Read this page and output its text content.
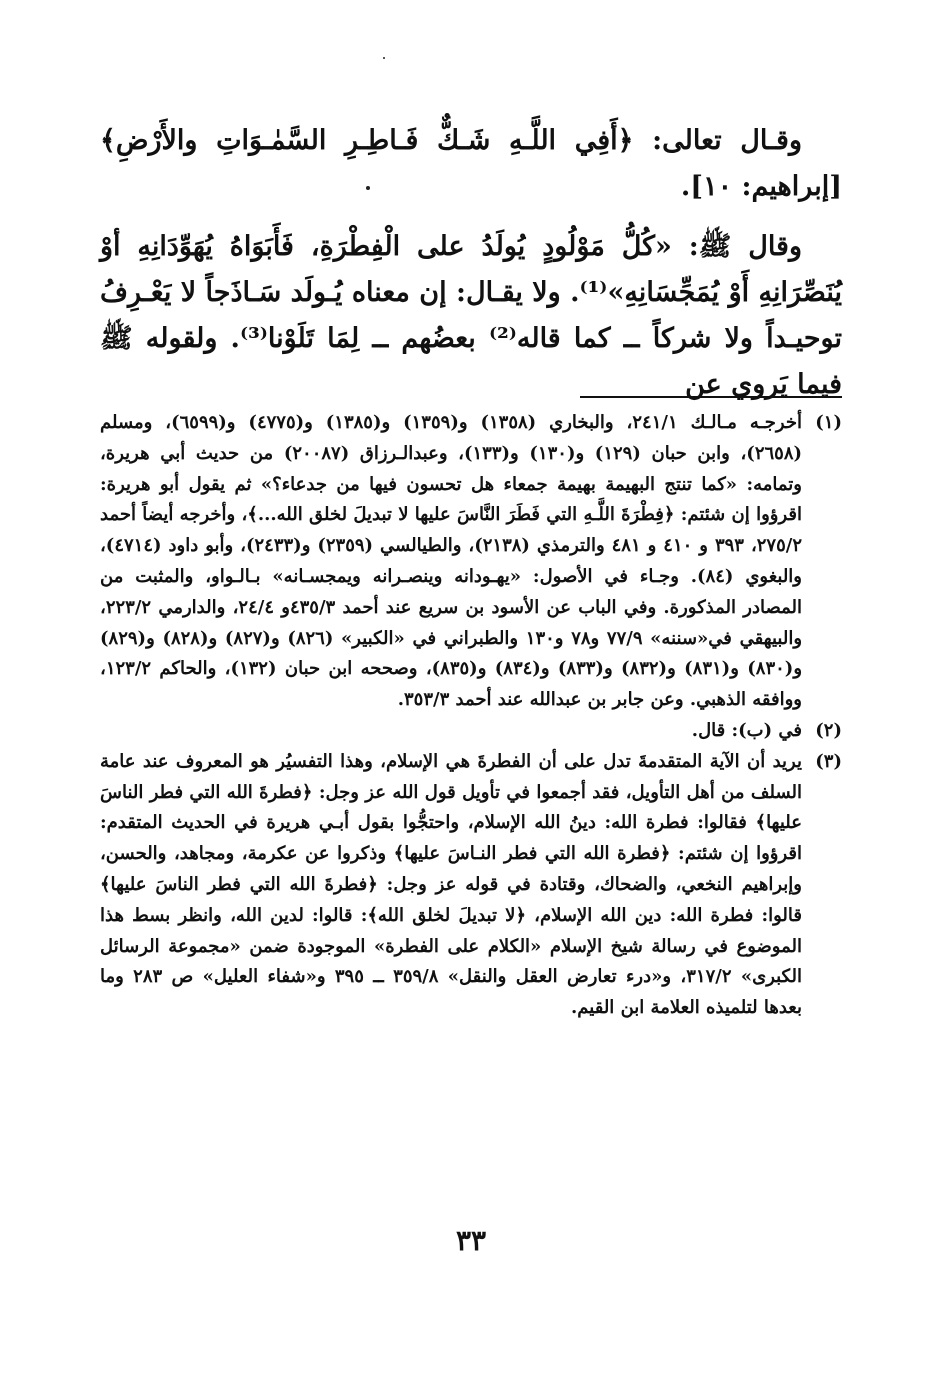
وقـال تعالى: ﴿أَفِي اللَّـهِ شَـكٌّ فَـاطِـرِ السَّمٰـوَاتِ والأَرْضِ﴾ [إبراهيم: ١٠].

وقال ﷺ: «كُلُّ مَوْلُودٍ يُولَدُ على الْفِطْرَةِ، فَأَبَوَاهُ يُهَوِّدَانِهِ أوْ يُنَصِّرَانِهِ أَوْ يُمَجِّسَانِهِ»⁽¹⁾. ولا يقـال: إن معناه يُـولَد سَـاذَجاً لا يَعْـرِفُ توحيـداً ولا شركاً ــ كما قاله⁽²⁾ بعضُهم ــ لِمَا تَلَوْنا⁽³⁾. ولقوله ﷺ فيما يَروي عن

(١)
أخرجـه مـالـك ٢٤١/١، والبخاري (١٣٥٨) و(١٣٥٩) و(١٣٨٥) و(٤٧٧٥) و(٦٥٩٩)، ومسلم (٢٦٥٨)، وابن حبان (١٢٩) و(١٣٠) و(١٣٣)، وعبدالـرزاق (٢٠٠٨٧) من حديث أبي هريرة، وتمامه: «كما تنتج البهيمة بهيمة جمعاء هل تحسون فيها من جدعاء؟» ثم يقول أبو هريرة: اقرؤوا إن شئتم: ﴿فِطْرَةَ اللَّـهِ التي فَطَرَ النَّاسَ عليها لا تبديلَ لخلق الله...﴾، وأخرجه أيضاً أحمد ٢٧٥/٢، ٣٩٣ و ٤١٠ و ٤٨١ والترمذي (٢١٣٨)، والطيالسي (٢٣٥٩) و(٢٤٣٣)، وأبو داود (٤٧١٤)، والبغوي (٨٤). وجـاء في الأصول: «يهـودانه وينصـرانه ويمجسـانه» بـالـواو، والمثبت من المصادر المذكورة. وفي الباب عن الأسود بن سريع عند أحمد ٤٣٥/٣و ٢٤/٤، والدارمي ٢٢٣/٢، والبيهقي في«سننه» ٧٧/٩ و٧٨ و١٣٠ والطبراني في «الكبير» (٨٢٦) و(٨٢٧) و(٨٢٨) و(٨٢٩) و(٨٣٠) و(٨٣١) و(٨٣٢) و(٨٣٣) و(٨٣٤) و(٨٣٥)، وصححه ابن حبان (١٣٢)، والحاكم ١٢٣/٢، ووافقه الذهبي. وعن جابر بن عبدالله عند أحمد ٣٥٣/٣.

(٢)
في (ب): قال.

(٣)
يريد أن الآية المتقدمةَ تدل على أن الفطرةَ هي الإسلام، وهذا التفسيُر هو المعروف عند عامة السلف من أهل التأويل، فقد أجمعوا في تأويل قول الله عز وجل: ﴿فطرةَ الله التي فطر الناسَ عليها﴾ فقالوا: فطرة الله: دينُ الله الإسلام، واحتجُّوا بقول أبـي هريرة في الحديث المتقدم: اقرؤوا إن شئتم: ﴿فطرة الله التي فطر النـاسَ عليها﴾ وذكروا عن عكرمة، ومجاهد، والحسن، وإبراهيم النخعي، والضحاك، وقتادة في قوله عز وجل: ﴿فطرةَ الله التي فطر الناسَ عليها﴾ قالوا: فطرة الله: دين الله الإسلام، ﴿لا تبديلَ لخلق الله﴾: قالوا: لدين الله، وانظر بسط هذا الموضوع في رسالة شيخ الإسلام «الكلام على الفطرة» الموجودة ضمن «مجموعة الرسائل الكبرى» ٣١٧/٢، و«درء تعارض العقل والنقل» ٣٥٩/٨ ــ ٣٩٥ و«شفاء العليل» ص ٢٨٣ وما بعدها لتلميذه العلامة ابن القيم.

٣٣
